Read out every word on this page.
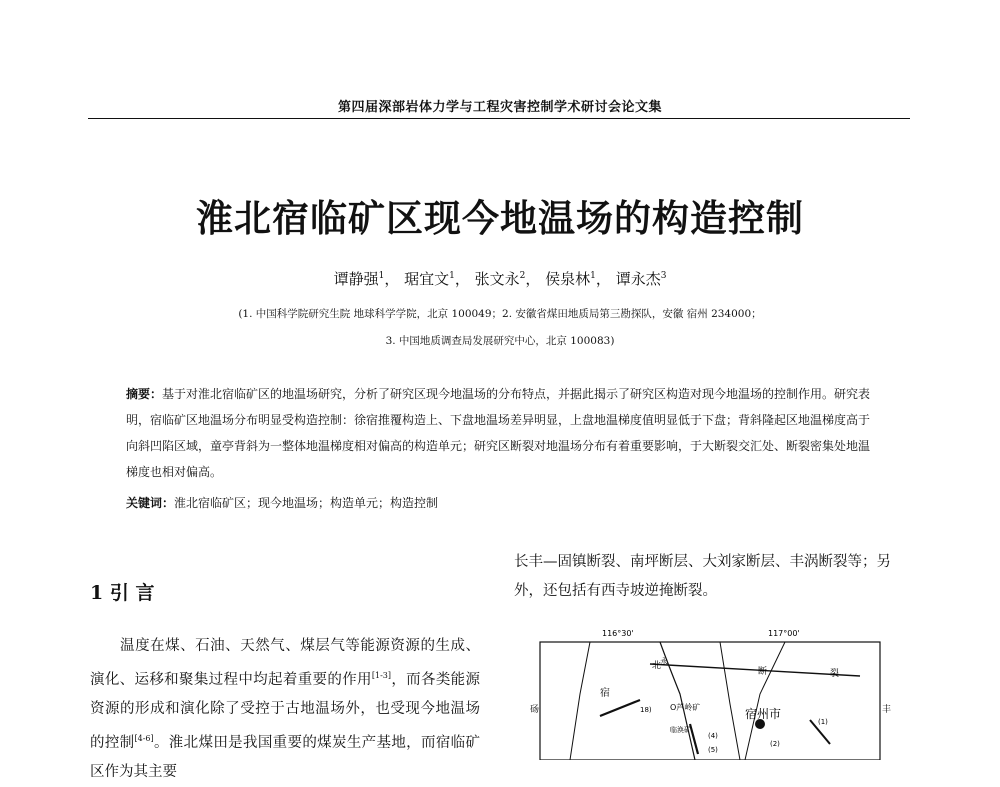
第四届深部岩体力学与工程灾害控制学术研讨会论文集
淮北宿临矿区现今地温场的构造控制
谭静强$^1$， 琚宜文$^1$， 张文永$^2$， 侯泉林$^1$， 谭永杰$^3$
(1. 中国科学院研究生院 地球科学学院，北京 100049；2. 安徽省煤田地质局第三勘探队，安徽 宿州 234000；
3. 中国地质调查局发展研究中心，北京 100083)
摘要：基于对淮北宿临矿区的地温场研究，分析了研究区现今地温场的分布特点，并据此揭示了研究区构造对现今地温场的控制作用。研究表明，宿临矿区地温场分布明显受构造控制：徐宿推覆构造上、下盘地温场差异明显，上盘地温梯度值明显低于下盘；背斜隆起区地温梯度高于向斜凹陷区域，童亭背斜为一整体地温梯度相对偏高的构造单元；研究区断裂对地温场分布有着重要影响，于大断裂交汇处、断裂密集处地温梯度也相对偏高。
关键词：淮北宿临矿区；现今地温场；构造单元；构造控制
1 引 言
　　温度在煤、石油、天然气、煤层气等能源资源的生成、演化、运移和聚集过程中均起着重要的作用[1-3]，而各类能源资源的形成和演化除了受控于古地温场外，也受现今地温场的控制[4-6]。淮北煤田是我国重要的煤炭生产基地，而宿临矿区作为其主要
长丰—固镇断裂、南坪断层、大刘家断层、丰涡断裂等；另外，还包括有西寺坡逆掩断裂。
116°30'	117°00'
北
断	裂
宿州市
永
宿
Ο芦岭矿
临涣矿
砀	丰
(1)
(4)
(5)
18)
(2)
